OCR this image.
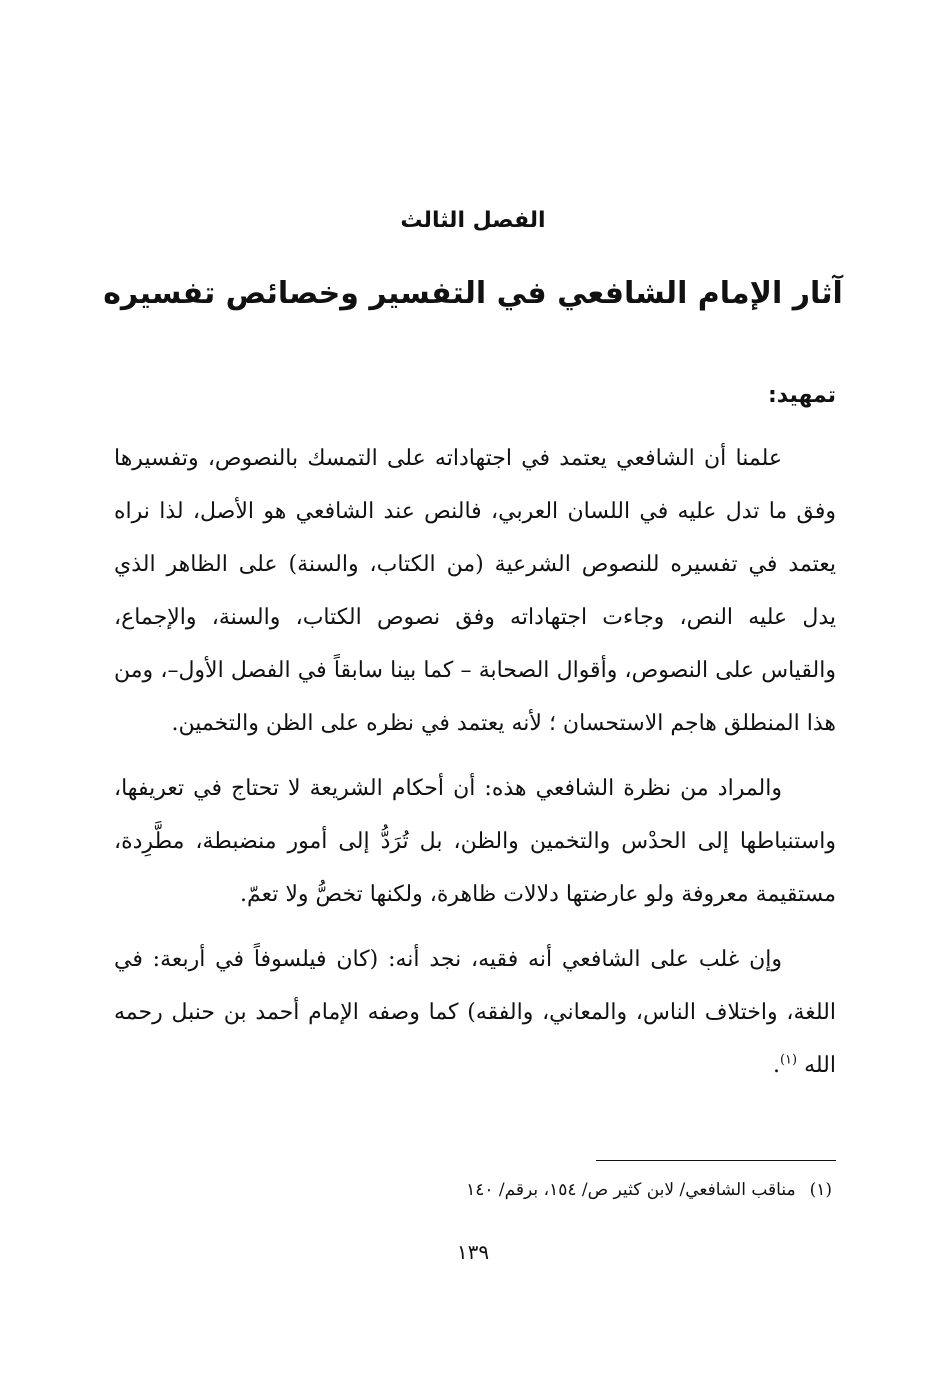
الفصل الثالث
آثار الإمام الشافعي في التفسير وخصائص تفسيره
تمهيد:

علمنا أن الشافعي يعتمد في اجتهاداته على التمسك بالنصوص، وتفسيرها وفق ما تدل عليه في اللسان العربي، فالنص عند الشافعي هو الأصل، لذا نراه يعتمد في تفسيره للنصوص الشرعية (من الكتاب، والسنة) على الظاهر الذي يدل عليه النص، وجاءت اجتهاداته وفق نصوص الكتاب، والسنة، والإجماع، والقياس على النصوص، وأقوال الصحابة – كما بينا سابقاً في الفصل الأول–، ومن هذا المنطلق هاجم الاستحسان ؛ لأنه يعتمد في نظره على الظن والتخمين.

والمراد من نظرة الشافعي هذه: أن أحكام الشريعة لا تحتاج في تعريفها، واستنباطها إلى الحدْس والتخمين والظن، بل تُرَدُّ إلى أمور منضبطة، مطَّرِدة، مستقيمة معروفة ولو عارضتها دلالات ظاهرة، ولكنها تخصُّ ولا تعمّ.

وإن غلب على الشافعي أنه فقيه، نجد أنه: (كان فيلسوفاً في أربعة: في اللغة، واختلاف الناس، والمعاني، والفقه) كما وصفه الإمام أحمد بن حنبل رحمه الله $^{(١)}$.

(١)مناقب الشافعي/ لابن كثير ص/ ١٥٤، برقم/ ١٤٠

١٣٩
